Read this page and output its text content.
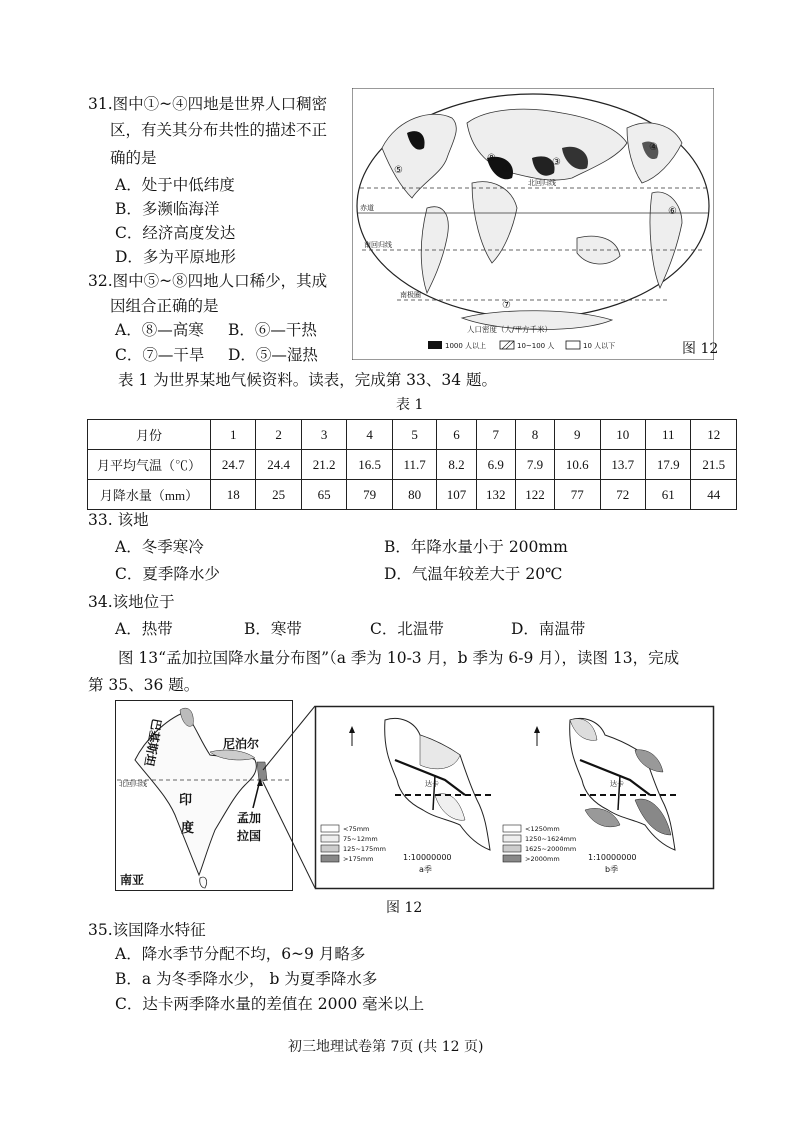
31.图中①~④四地是世界人口稠密
区，有关其分布共性的描述不正
确的是
A．处于中低纬度
B．多濒临海洋
C．经济高度发达
D．多为平原地形
32.图中⑤~⑧四地人口稀少，其成
因组合正确的是
A．⑧—高寒 B．⑥—干热
C．⑦—干旱 D．⑤—湿热
北回归线
赤道
南回归线
南极圈
①
②
③
④
⑤
⑥
⑦
⑧
人口密度（人/平方千米）
1000 人以上	10~100 人	10 人以下	图 12
表 1 为世界某地气候资料。读表，完成第 33、34 题。
表 1
月份	1	2	3	4	5	6	7	8	9	10	11	12
月平均气温（℃）	24.7	24.4	21.2	16.5	11.7	8.2	6.9	7.9	10.6	13.7	17.9	21.5
月降水量（mm）	18	25	65	79	80	107	132	122	77	72	61	44
33. 该地
A．冬季寒冷	B．年降水量小于 200mm
C．夏季降水少	D．气温年较差大于 20℃
34.该地位于
A．热带	B．寒带	C．北温带	D．南温带
图 13“孟加拉国降水量分布图”（a 季为 10-3 月，b 季为 6-9 月），读图 13，完成
第 35、36 题。
北回归线
巴基斯坦	尼泊尔
印
度
孟加
拉国
南亚
达卡	达卡
<75mm
75~12mm
125~175mm
>175mm	1:10000000
a季
<1250mm
1250~1624mm
1625~2000mm
>2000mm	1:10000000
b季
图 12
35.该国降水特征
A．降水季节分配不均，6~9 月略多
B．a 为冬季降水少， b 为夏季降水多
C．达卡两季降水量的差值在 2000 毫米以上
初三地理试卷第 7页 (共 12 页)
